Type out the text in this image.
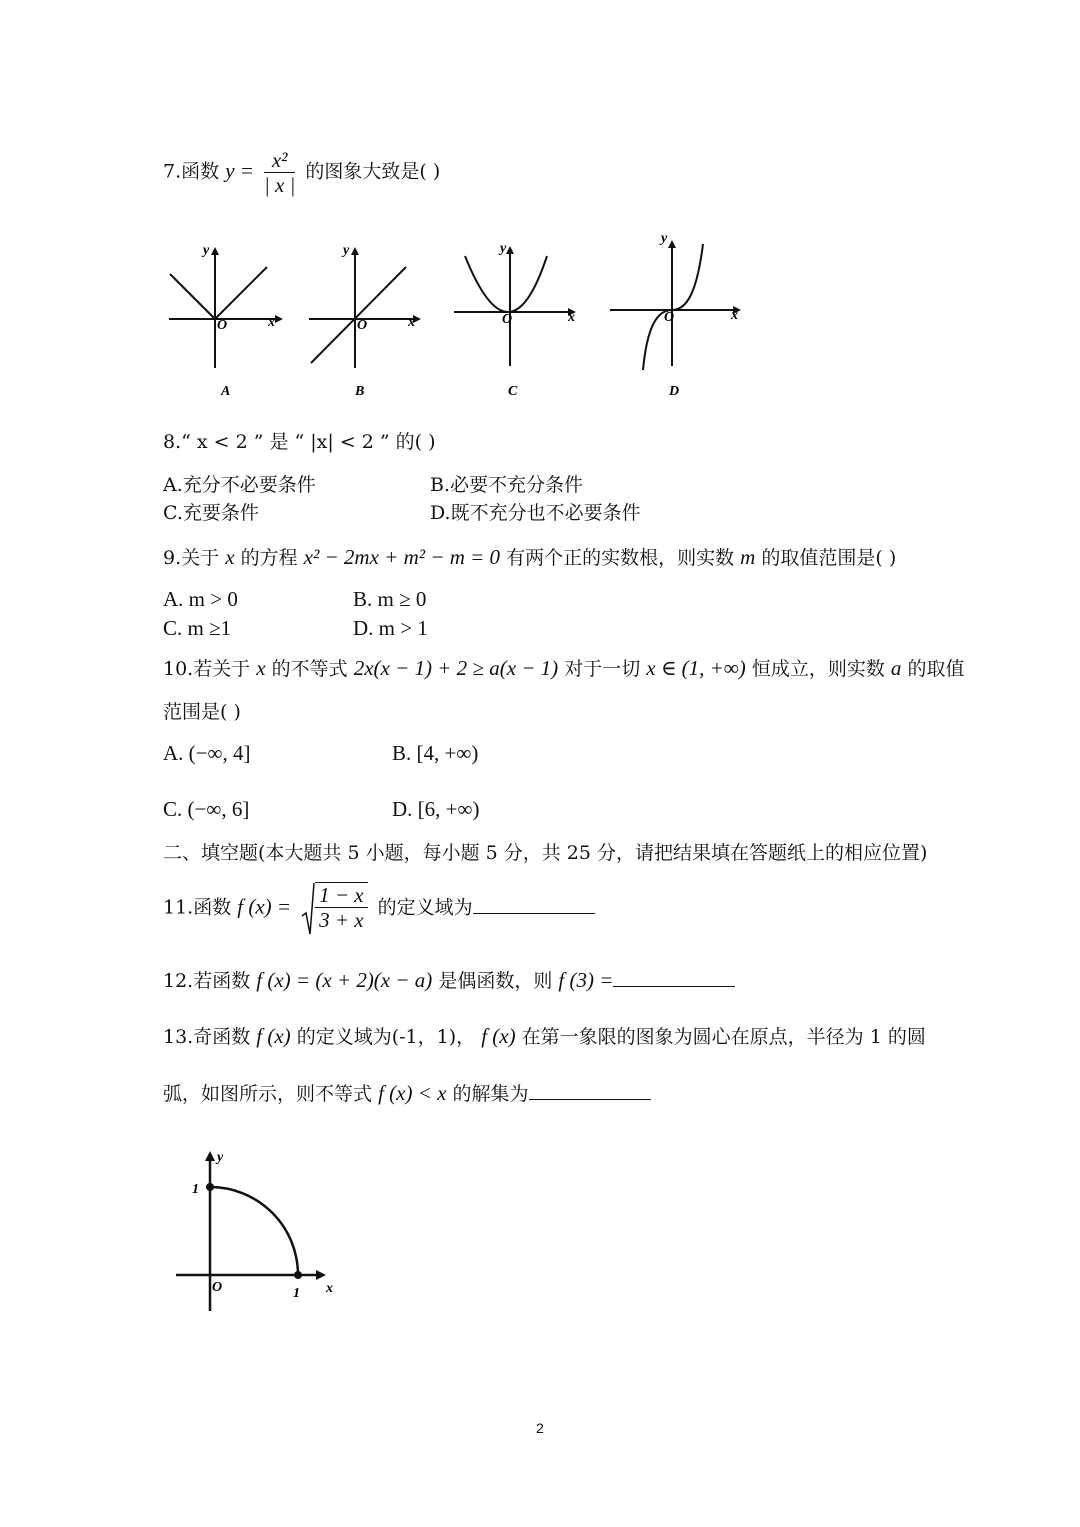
7.函数 $y = \frac{\text{x²}}{| x |}$ 的图象大致是( )
y
x
O
A
y
x
O
B
y
x
O
C
y
x
O
D
8.“ x < 2 ” 是 “ |x| < 2 ” 的( )
A.充分不必要条件	B.必要不充分条件
C.充要条件	D.既不充分也不必要条件
9.关于 x 的方程 x² − 2mx + m² − m = 0 有两个正的实数根，则实数 m 的取值范围是( )
A. m > 0	B. m ≥ 0
C. m ≥1	D. m > 1
10.若关于 x 的不等式 2x(x − 1) + 2 ≥ a(x − 1) 对于一切 x ∈ (1, +∞) 恒成立，则实数 a 的取值
范围是( )
A. (−∞, 4]	B. [4, +∞)
C. (−∞, 6]	D. [6, +∞)
二、填空题(本大题共 5 小题，每小题 5 分，共 25 分，请把结果填在答题纸上的相应位置)
11.函数 f $(x) = \frac{1 - x}{3 + x}$ 的定义域为
12.若函数 f (x) = (x + 2)(x − a) 是偶函数，则 f (3) =
13.奇函数 f (x) 的定义域为(-1，1)， f (x) 在第一象限的图象为圆心在原点，半径为 1 的圆
弧，如图所示，则不等式 f (x) < x 的解集为
y
x
O
1
1
2
